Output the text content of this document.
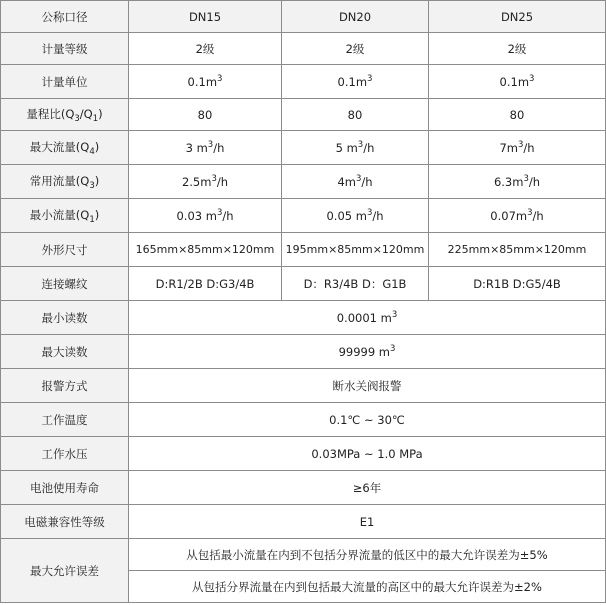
公称口径	DN15	DN20	DN25
计量等级	2级	2级	2级
计量单位	$0.1m^3$	$0.1m^3$	$0.1m^3$
量程比$(Q_3/Q_1)$	80	80	80
最大流量$(Q_4)$	3 $m^3/h$	5 $m^3/h$	$7m^3/h$
常用流量$(Q_3)$	$2.5m^3/h$	$4m^3/h$	$6.3m^3/h$
最小流量$(Q_1)$	0.03 $m^3/h$	0.05 $m^3/h$	$0.07m^3/h$
外形尺寸	165mm×85mm×120mm	195mm×85mm×120mm	225mm×85mm×120mm
连接螺纹	D:R1/2B D:G3/4B	D：R3/4B D：G1B	D:R1B D:G5/4B
最小读数	0.0001 $m^3$
最大读数	99999 $m^3$
报警方式	断水关阀报警		
工作温度	0.1℃ ~ 30℃		
工作水压	0.03MPa ~ 1.0 MPa		
电池使用寿命	≥6年		
电磁兼容性等级	E1		
最大允许误差	从包括最小流量在内到不包括分界流量的低区中的最大允许误差为±5%		
	从包括分界流量在内到包括最大流量的高区中的最大允许误差为±2%		
